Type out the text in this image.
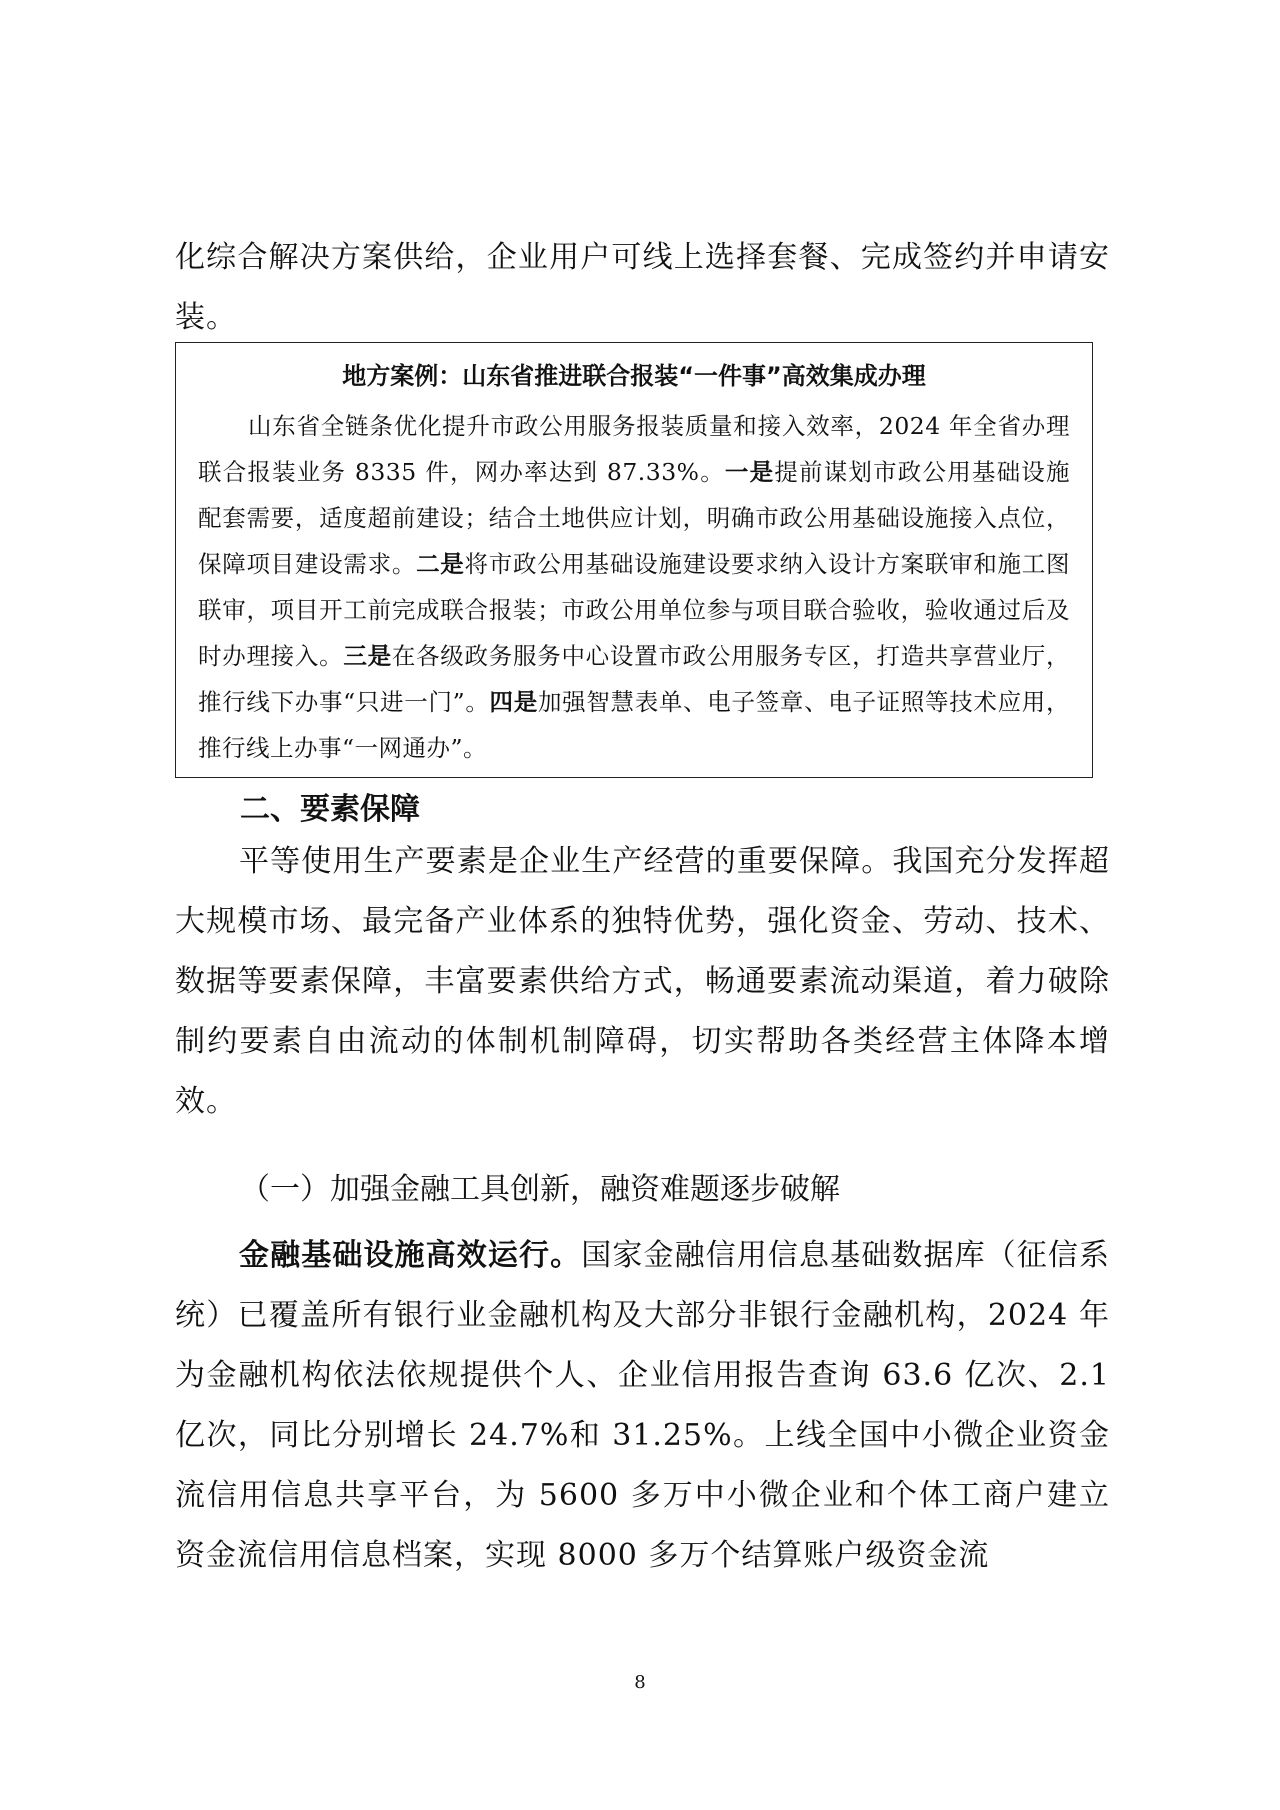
化综合解决方案供给，企业用户可线上选择套餐、完成签约并申请安装。

地方案例：山东省推进联合报装“一件事”高效集成办理

山东省全链条优化提升市政公用服务报装质量和接入效率，2024 年全省办理联合报装业务 8335 件，网办率达到 87.33%。一是提前谋划市政公用基础设施配套需要，适度超前建设；结合土地供应计划，明确市政公用基础设施接入点位，保障项目建设需求。二是将市政公用基础设施建设要求纳入设计方案联审和施工图联审，项目开工前完成联合报装；市政公用单位参与项目联合验收，验收通过后及时办理接入。三是在各级政务服务中心设置市政公用服务专区，打造共享营业厅，推行线下办事“只进一门”。四是加强智慧表单、电子签章、电子证照等技术应用，推行线上办事“一网通办”。

二、要素保障

平等使用生产要素是企业生产经营的重要保障。我国充分发挥超大规模市场、最完备产业体系的独特优势，强化资金、劳动、技术、数据等要素保障，丰富要素供给方式，畅通要素流动渠道，着力破除制约要素自由流动的体制机制障碍，切实帮助各类经营主体降本增效。

（一）加强金融工具创新，融资难题逐步破解

金融基础设施高效运行。国家金融信用信息基础数据库（征信系统）已覆盖所有银行业金融机构及大部分非银行金融机构，2024 年为金融机构依法依规提供个人、企业信用报告查询 63.6 亿次、2.1 亿次，同比分别增长 24.7%和 31.25%。上线全国中小微企业资金流信用信息共享平台，为 5600 多万中小微企业和个体工商户建立资金流信用信息档案，实现 8000 多万个结算账户级资金流

8
